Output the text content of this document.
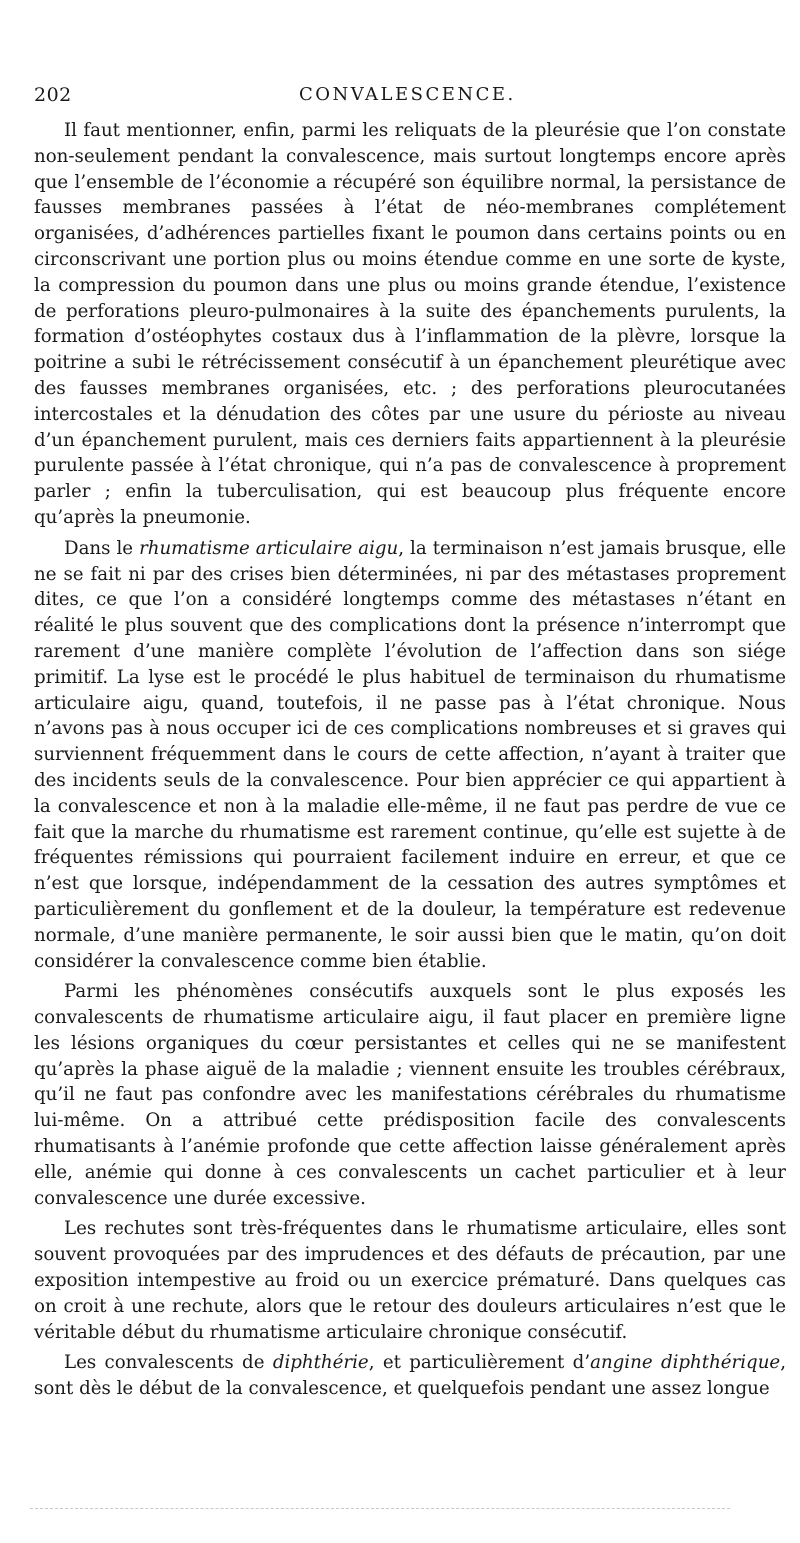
202	CONVALESCENCE.

Il faut mentionner, enfin, parmi les reliquats de la pleurésie que l’on constate non-seulement pendant la convalescence, mais surtout longtemps encore après que l’ensemble de l’économie a récupéré son équilibre normal, la persistance de fausses membranes passées à l’état de néo-membranes complétement organisées, d’adhérences partielles fixant le poumon dans certains points ou en circonscrivant une portion plus ou moins étendue comme en une sorte de kyste, la compression du poumon dans une plus ou moins grande étendue, l’existence de perforations pleuro-pulmonaires à la suite des épanchements purulents, la formation d’ostéophytes costaux dus à l’inflammation de la plèvre, lorsque la poitrine a subi le rétrécissement consécutif à un épanchement pleurétique avec des fausses membranes organisées, etc. ; des perforations pleurocutanées intercostales et la dénudation des côtes par une usure du périoste au niveau d’un épanchement purulent, mais ces derniers faits appartiennent à la pleurésie purulente passée à l’état chronique, qui n’a pas de convalescence à proprement parler ; enfin la tuberculisation, qui est beaucoup plus fréquente encore qu’après la pneumonie.

Dans le rhumatisme articulaire aigu, la terminaison n’est jamais brusque, elle ne se fait ni par des crises bien déterminées, ni par des métastases proprement dites, ce que l’on a considéré longtemps comme des métastases n’étant en réalité le plus souvent que des complications dont la présence n’interrompt que rarement d’une manière complète l’évolution de l’affection dans son siége primitif. La lyse est le procédé le plus habituel de terminaison du rhumatisme articulaire aigu, quand, toutefois, il ne passe pas à l’état chronique. Nous n’avons pas à nous occuper ici de ces complications nombreuses et si graves qui surviennent fréquemment dans le cours de cette affection, n’ayant à traiter que des incidents seuls de la convalescence. Pour bien apprécier ce qui appartient à la convalescence et non à la maladie elle-même, il ne faut pas perdre de vue ce fait que la marche du rhumatisme est rarement continue, qu’elle est sujette à de fréquentes rémissions qui pourraient facilement induire en erreur, et que ce n’est que lorsque, indépendamment de la cessation des autres symptômes et particulièrement du gonflement et de la douleur, la température est redevenue normale, d’une manière permanente, le soir aussi bien que le matin, qu’on doit considérer la convalescence comme bien établie.

Parmi les phénomènes consécutifs auxquels sont le plus exposés les convalescents de rhumatisme articulaire aigu, il faut placer en première ligne les lésions organiques du cœur persistantes et celles qui ne se manifestent qu’après la phase aiguë de la maladie ; viennent ensuite les troubles cérébraux, qu’il ne faut pas confondre avec les manifestations cérébrales du rhumatisme lui-même. On a attribué cette prédisposition facile des convalescents rhumatisants à l’anémie profonde que cette affection laisse généralement après elle, anémie qui donne à ces convalescents un cachet particulier et à leur convalescence une durée excessive.

Les rechutes sont très-fréquentes dans le rhumatisme articulaire, elles sont souvent provoquées par des imprudences et des défauts de précaution, par une exposition intempestive au froid ou un exercice prématuré. Dans quelques cas on croit à une rechute, alors que le retour des douleurs articulaires n’est que le véritable début du rhumatisme articulaire chronique consécutif.

Les convalescents de diphthérie, et particulièrement d’angine diphthérique, sont dès le début de la convalescence, et quelquefois pendant une assez longue
